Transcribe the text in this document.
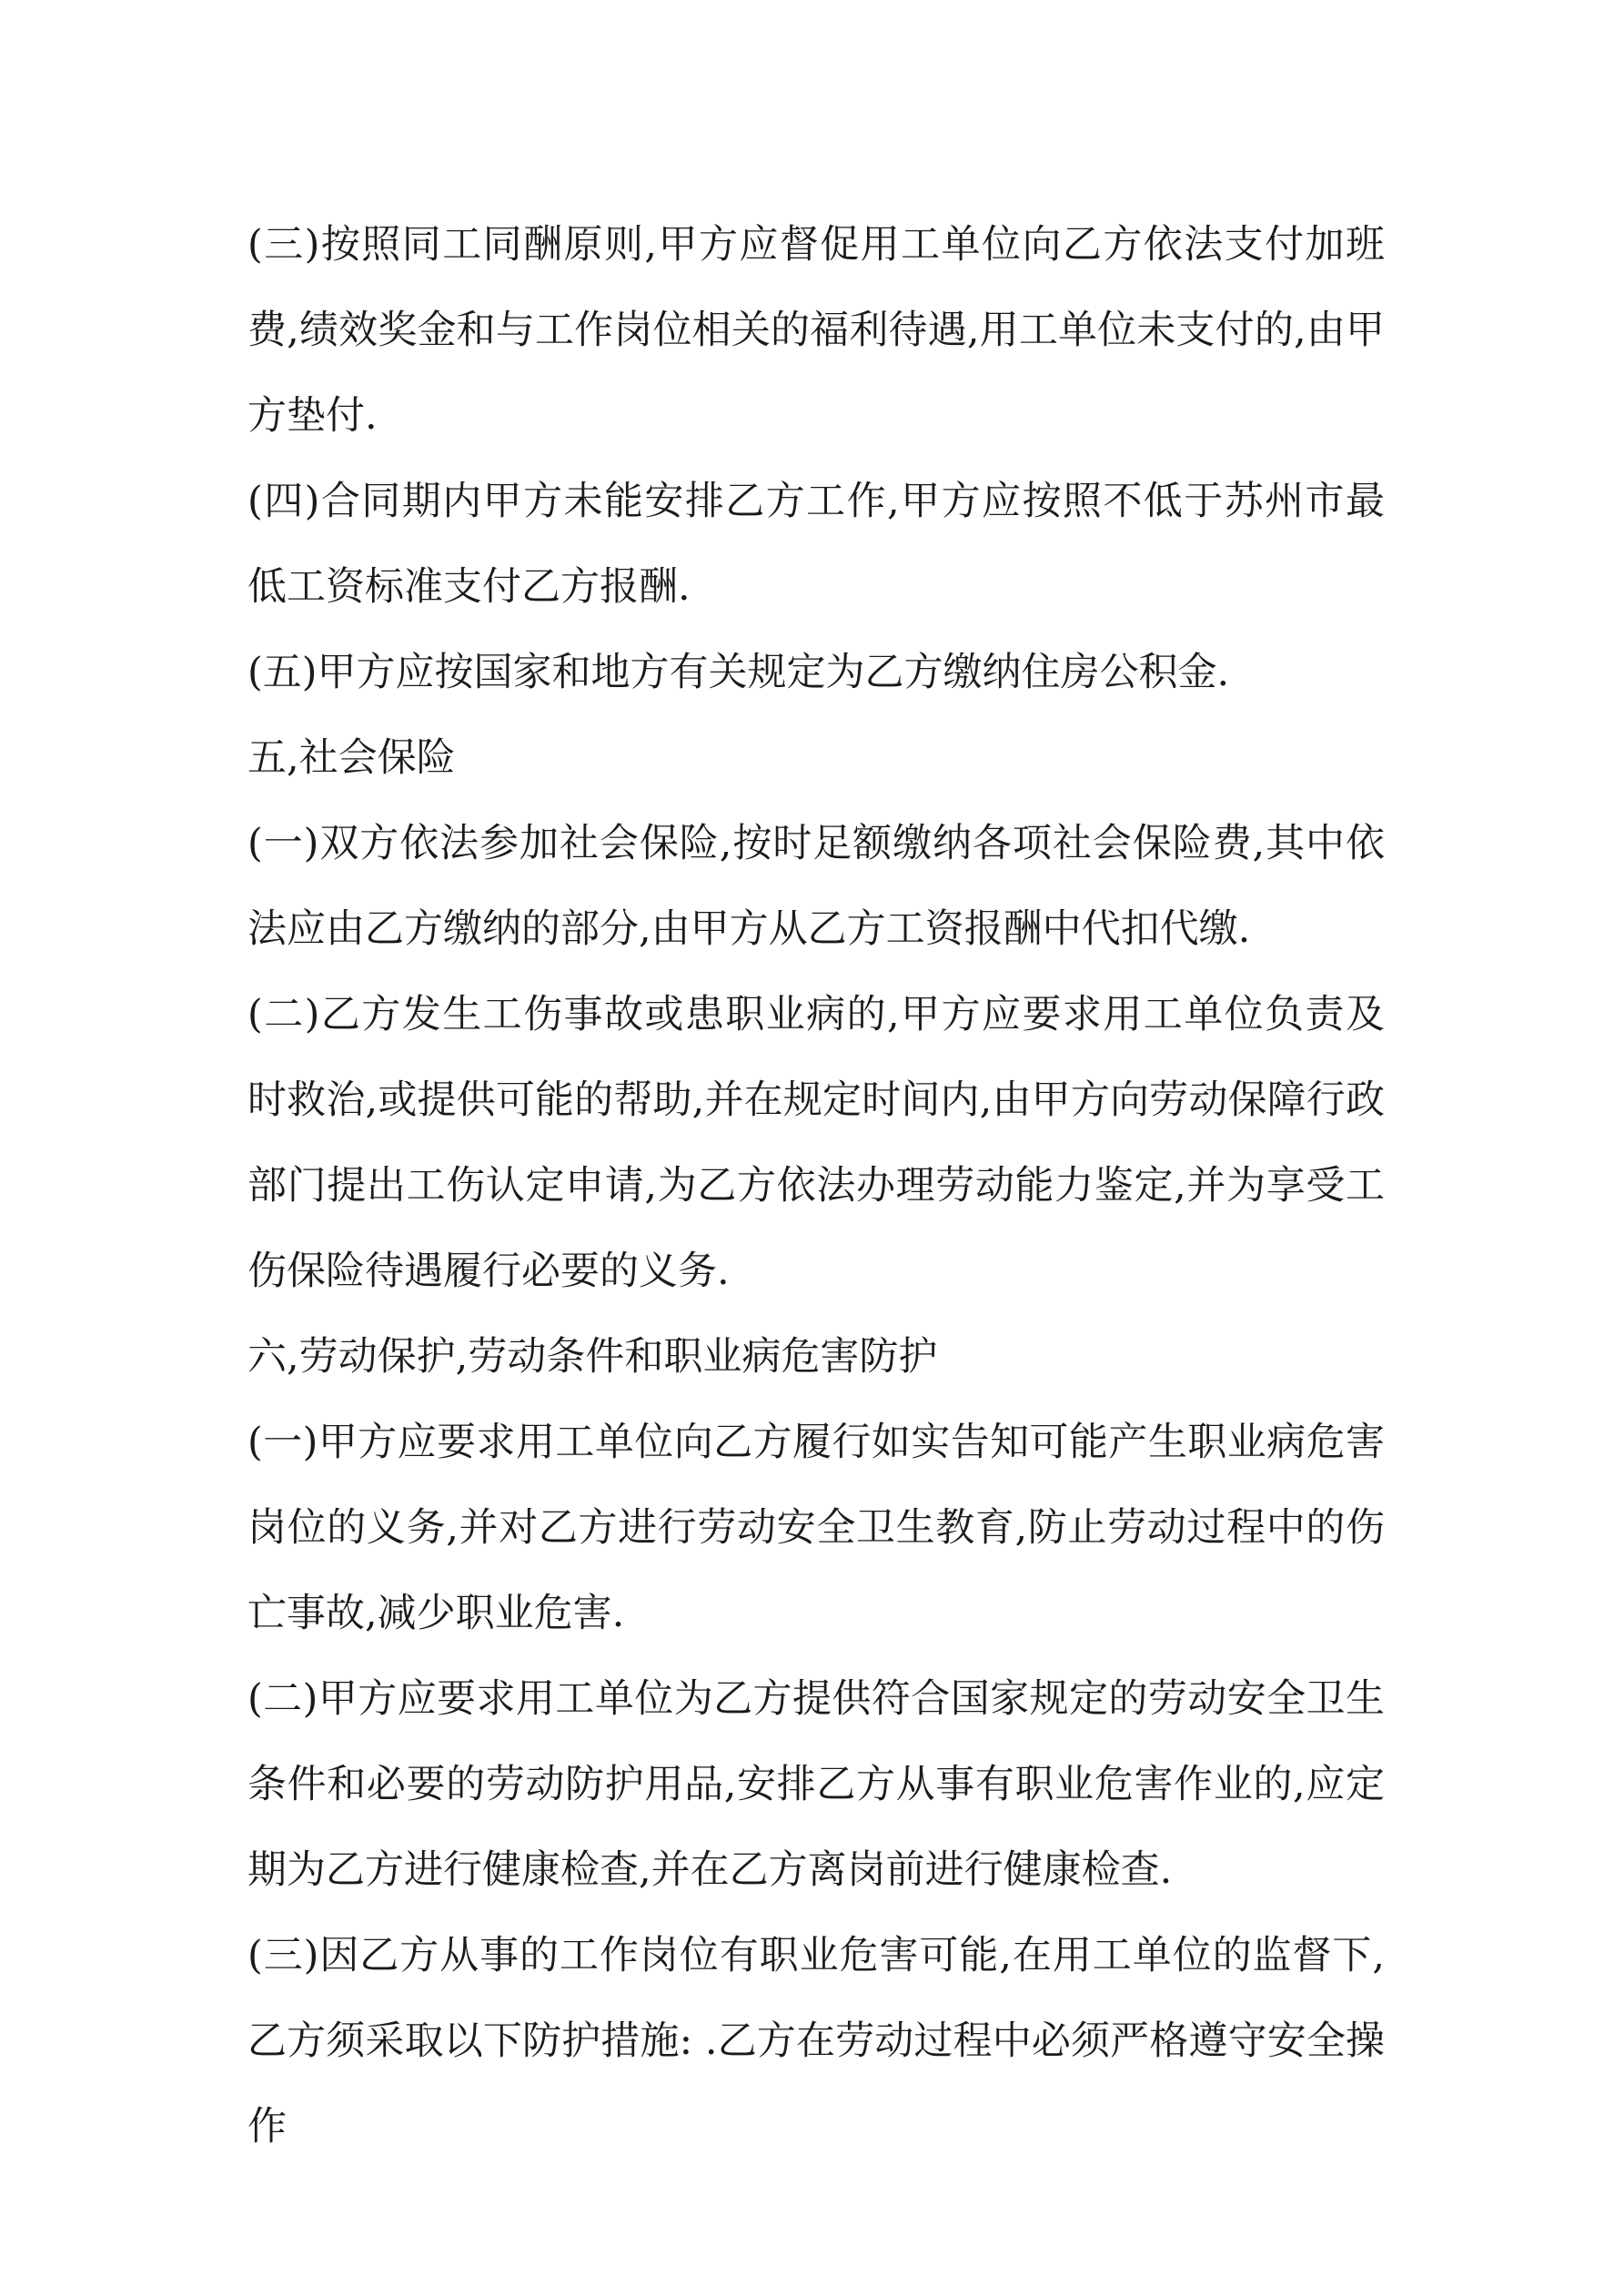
(三)按照同工同酬原则,甲方应督促用工单位向乙方依法支付加班费,绩效奖金和与工作岗位相关的福利待遇,用工单位未支付的,由甲方垫付.

(四)合同期内甲方未能安排乙方工作,甲方应按照不低于苏州市最低工资标准支付乙方报酬.

(五)甲方应按国家和地方有关规定为乙方缴纳住房公积金.

五,社会保险

(一)双方依法参加社会保险,按时足额缴纳各项社会保险费,其中依法应由乙方缴纳的部分,由甲方从乙方工资报酬中代扣代缴.

(二)乙方发生工伤事故或患职业病的,甲方应要求用工单位负责及时救治,或提供可能的帮助,并在规定时间内,由甲方向劳动保障行政部门提出工伤认定申请,为乙方依法办理劳动能力鉴定,并为享受工伤保险待遇履行必要的义务.

六,劳动保护,劳动条件和职业病危害防护

(一)甲方应要求用工单位向乙方履行如实告知可能产生职业病危害岗位的义务,并对乙方进行劳动安全卫生教育,防止劳动过程中的伤亡事故,减少职业危害.

(二)甲方应要求用工单位为乙方提供符合国家规定的劳动安全卫生条件和必要的劳动防护用品,安排乙方从事有职业危害作业的,应定期为乙方进行健康检查,并在乙方离岗前进行健康检查.

(三)因乙方从事的工作岗位有职业危害可能,在用工单位的监督下,乙方须采取以下防护措施: .乙方在劳动过程中必须严格遵守安全操作
